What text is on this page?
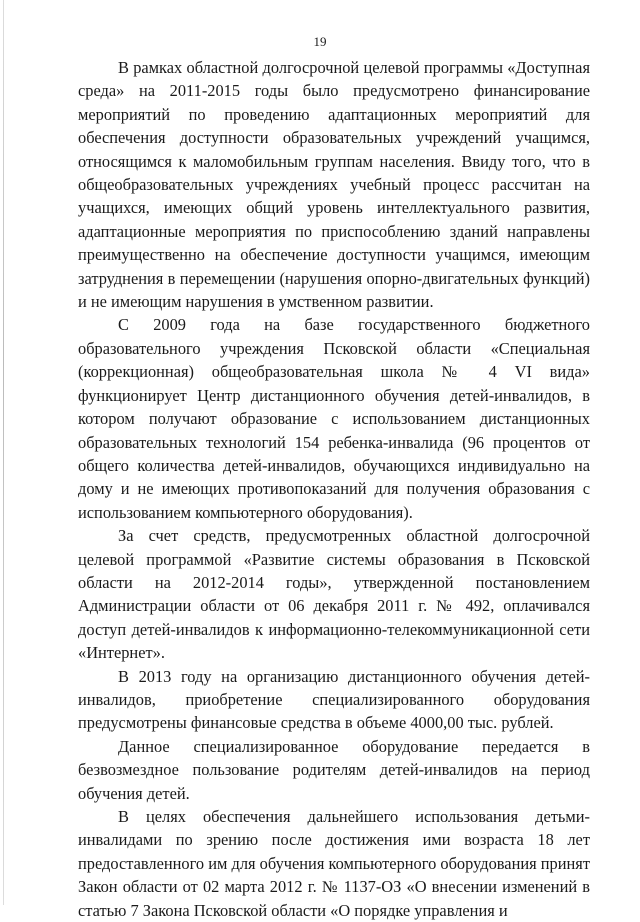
19

В рамках областной долгосрочной целевой программы «Доступная среда» на 2011-2015 годы было предусмотрено финансирование мероприятий по проведению адаптационных мероприятий для обеспечения доступности образовательных учреждений учащимся, относящимся к маломобильным группам населения. Ввиду того, что в общеобразовательных учреждениях учебный процесс рассчитан на учащихся, имеющих общий уровень интеллектуального развития, адаптационные мероприятия по приспособлению зданий направлены преимущественно на обеспечение доступности учащимся, имеющим затруднения в перемещении (нарушения опорно-двигательных функций) и не имеющим нарушения в умственном развитии.

С 2009 года на базе государственного бюджетного образовательного учреждения Псковской области «Специальная (коррекционная) общеобразовательная школа № 4 VI вида» функционирует Центр дистанционного обучения детей-инвалидов, в котором получают образование с использованием дистанционных образовательных технологий 154 ребенка-инвалида (96 процентов от общего количества детей-инвалидов, обучающихся индивидуально на дому и не имеющих противопоказаний для получения образования с использованием компьютерного оборудования).

За счет средств, предусмотренных областной долгосрочной целевой программой «Развитие системы образования в Псковской области на 2012-2014 годы», утвержденной постановлением Администрации области от 06 декабря 2011 г. № 492, оплачивался доступ детей-инвалидов к информационно-телекоммуникационной сети «Интернет».

В 2013 году на организацию дистанционного обучения детей-инвалидов, приобретение специализированного оборудования предусмотрены финансовые средства в объеме 4000,00 тыс. рублей.

Данное специализированное оборудование передается в безвозмездное пользование родителям детей-инвалидов на период обучения детей.

В целях обеспечения дальнейшего использования детьми-инвалидами по зрению после достижения ими возраста 18 лет предоставленного им для обучения компьютерного оборудования принят Закон области от 02 марта 2012 г. № 1137-ОЗ «О внесении изменений в статью 7 Закона Псковской области «О порядке управления и
